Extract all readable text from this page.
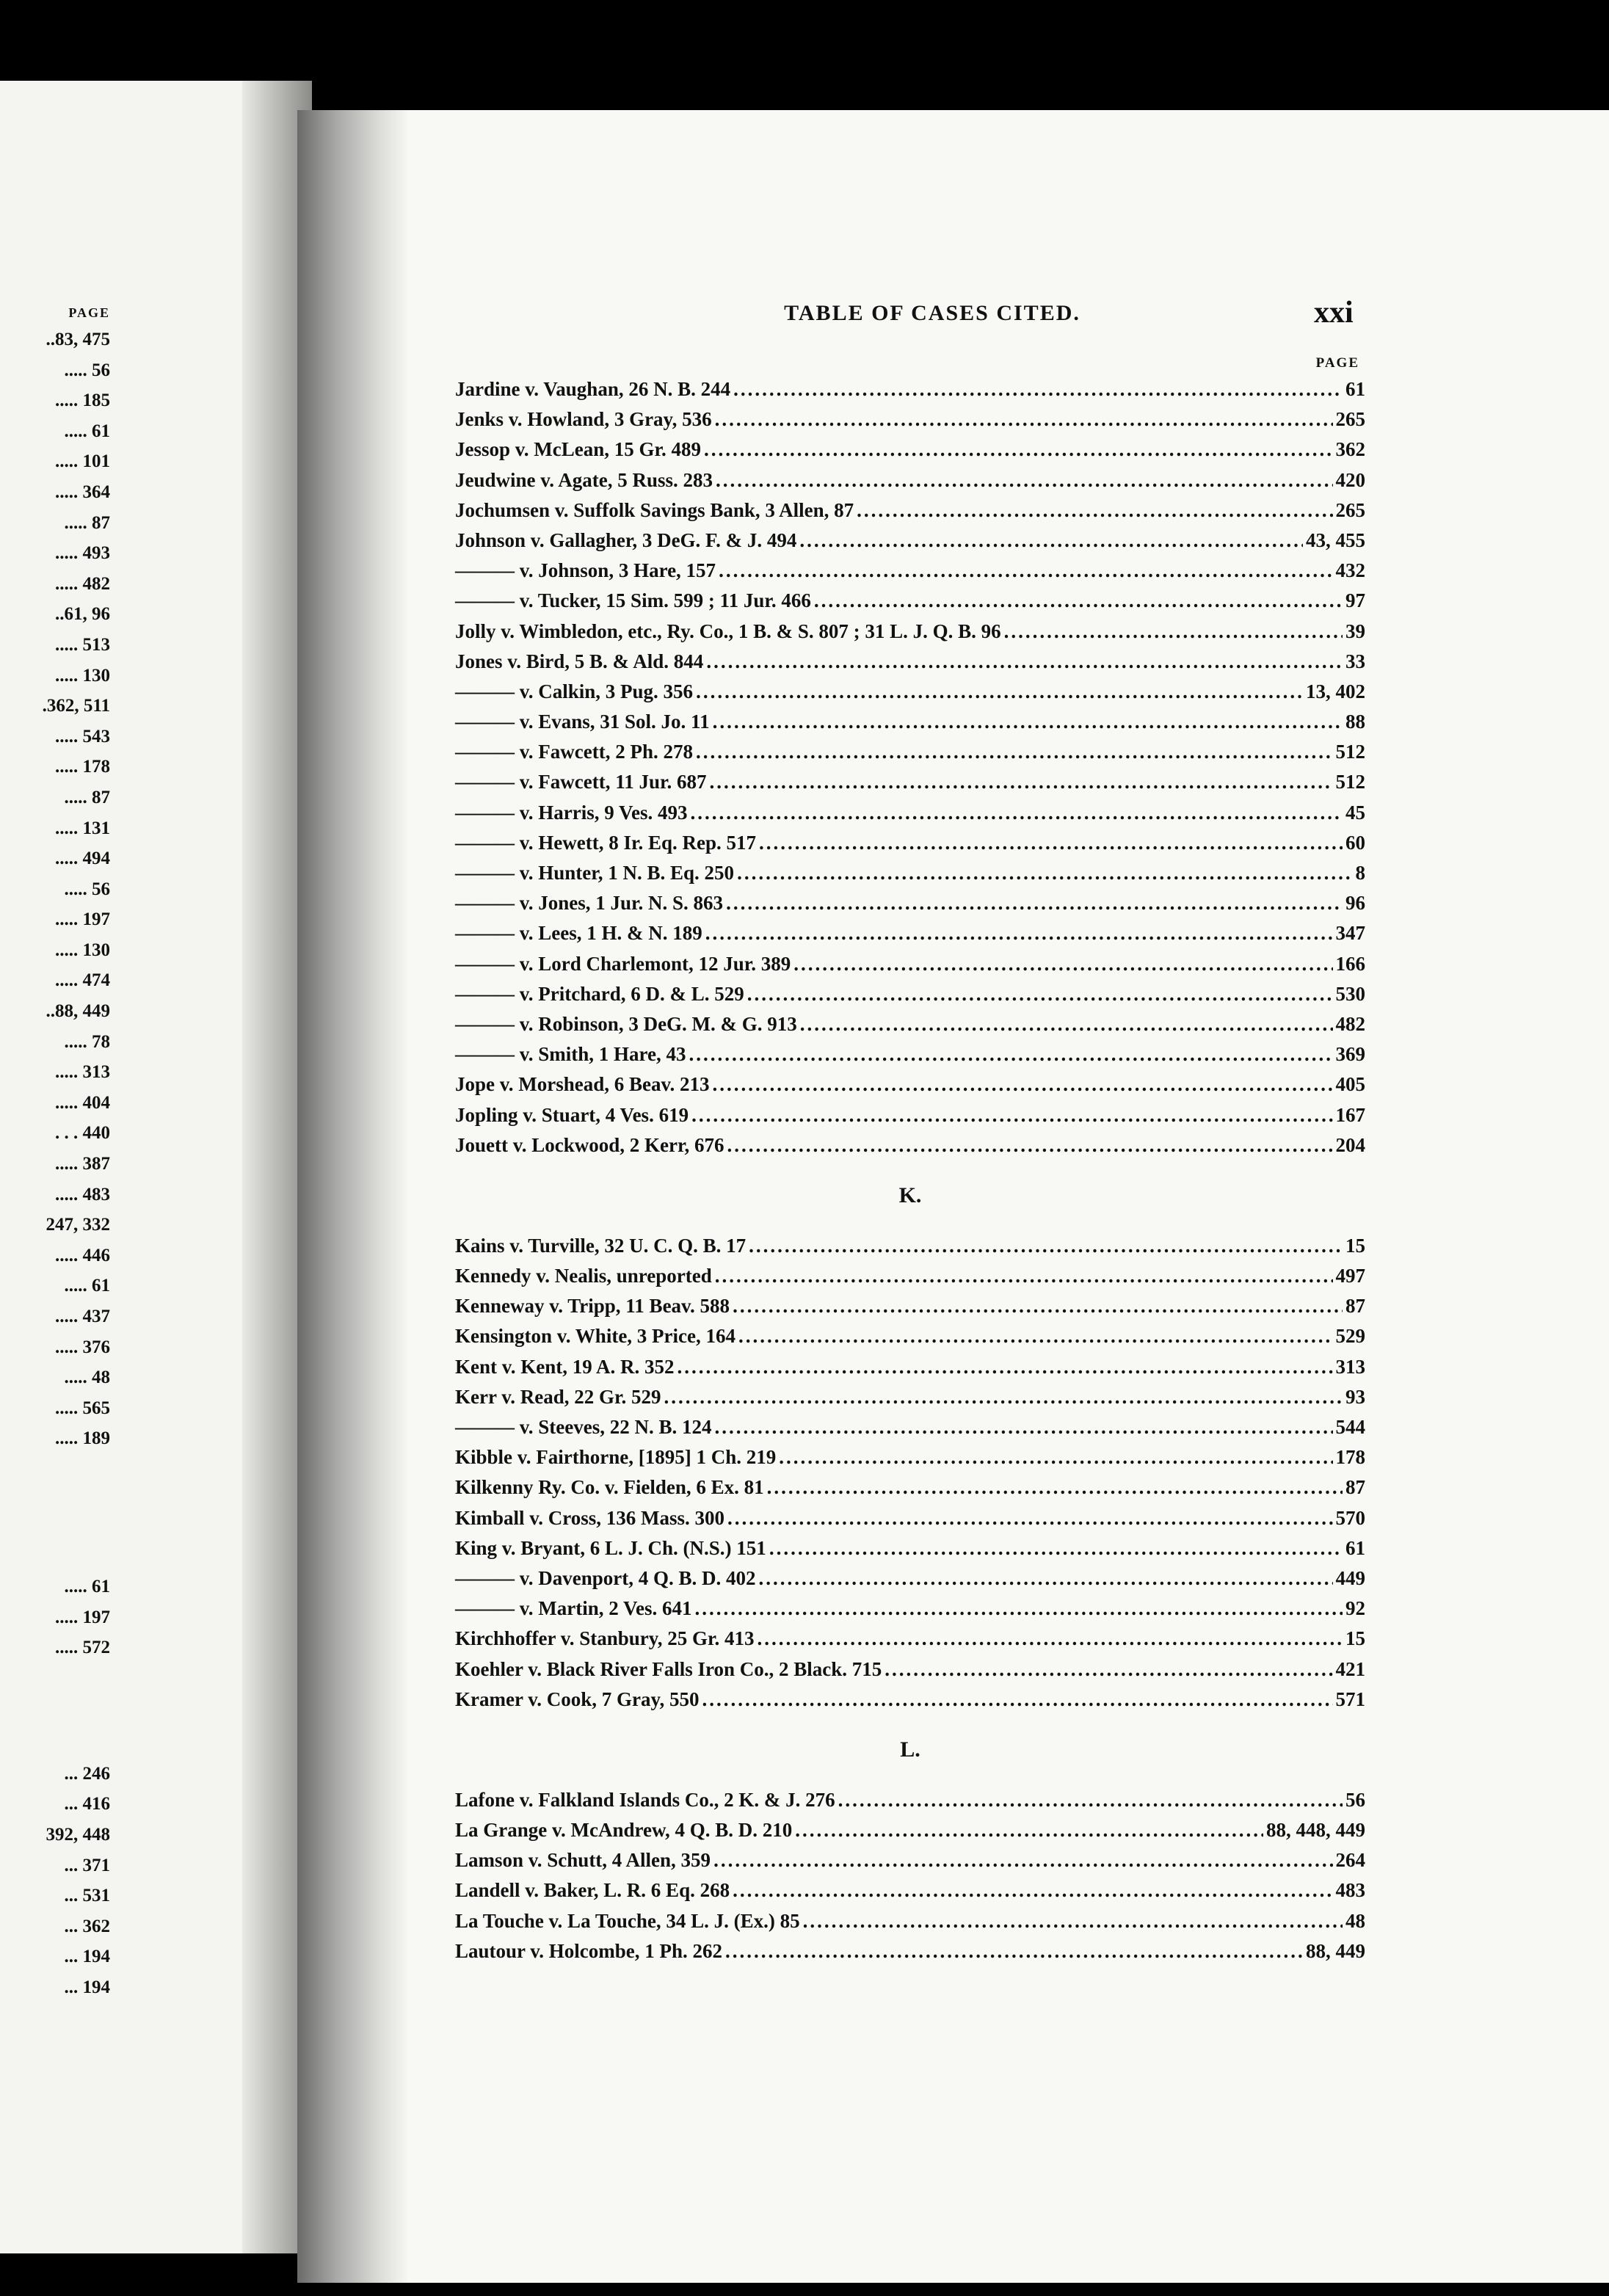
PAGE
..83, 475
..... 56
..... 185
..... 61
..... 101
..... 364
..... 87
..... 493
..... 482
..61, 96
..... 513
..... 130
.362, 511
..... 543
..... 178
..... 87
..... 131
..... 494
..... 56
..... 197
..... 130
..... 474
..88, 449
..... 78
..... 313
..... 404
. . . 440
..... 387
..... 483
247, 332
..... 446
..... 61
..... 437
..... 376
..... 48
..... 565
..... 189
..... 61
..... 197
..... 572
... 246
... 416
392, 448
... 371
... 531
... 362
... 194
... 194
TABLE OF CASES CITED.	xxi
PAGE
Jardine v. Vaughan, 26 N. B. 244 .....	61
Jenks v. Howland, 3 Gray, 536 .....	265
Jessop v. McLean, 15 Gr. 489 .....	362
Jeudwine v. Agate, 5 Russ. 283 .....	420
Jochumsen v. Suffolk Savings Bank, 3 Allen, 87 .....	265
Johnson v. Gallagher, 3 DeG. F. & J. 494 .....	43, 455
——— v. Johnson, 3 Hare, 157 .....	432
——— v. Tucker, 15 Sim. 599 ; 11 Jur. 466 .....	97
Jolly v. Wimbledon, etc., Ry. Co., 1 B. & S. 807 ; 31 L. J. Q. B. 96 .....	39
Jones v. Bird, 5 B. & Ald. 844 .....	33
——— v. Calkin, 3 Pug. 356 .....	13, 402
——— v. Evans, 31 Sol. Jo. 11 .....	88
——— v. Fawcett, 2 Ph. 278 .....	512
——— v. Fawcett, 11 Jur. 687 .....	512
——— v. Harris, 9 Ves. 493 .....	45
——— v. Hewett, 8 Ir. Eq. Rep. 517 .....	60
——— v. Hunter, 1 N. B. Eq. 250 .....	8
——— v. Jones, 1 Jur. N. S. 863 .....	96
——— v. Lees, 1 H. & N. 189 .....	347
——— v. Lord Charlemont, 12 Jur. 389 .....	166
——— v. Pritchard, 6 D. & L. 529 .....	530
——— v. Robinson, 3 DeG. M. & G. 913 .....	482
——— v. Smith, 1 Hare, 43 .....	369
Jope v. Morshead, 6 Beav. 213 .....	405
Jopling v. Stuart, 4 Ves. 619 .....	167
Jouett v. Lockwood, 2 Kerr, 676 .....	204
K.
Kains v. Turville, 32 U. C. Q. B. 17 .....	15
Kennedy v. Nealis, unreported .....	497
Kenneway v. Tripp, 11 Beav. 588 .....	87
Kensington v. White, 3 Price, 164 .....	529
Kent v. Kent, 19 A. R. 352 .....	313
Kerr v. Read, 22 Gr. 529 .....	93
——— v. Steeves, 22 N. B. 124 .....	544
Kibble v. Fairthorne, [1895] 1 Ch. 219 .....	178
Kilkenny Ry. Co. v. Fielden, 6 Ex. 81 .....	87
Kimball v. Cross, 136 Mass. 300 .....	570
King v. Bryant, 6 L. J. Ch. (N.S.) 151 .....	61
——— v. Davenport, 4 Q. B. D. 402 .....	449
——— v. Martin, 2 Ves. 641 .....	92
Kirchhoffer v. Stanbury, 25 Gr. 413 .....	15
Koehler v. Black River Falls Iron Co., 2 Black. 715 .....	421
Kramer v. Cook, 7 Gray, 550 .....	571
L.
Lafone v. Falkland Islands Co., 2 K. & J. 276 .....	56
La Grange v. McAndrew, 4 Q. B. D. 210 .....	88, 448, 449
Lamson v. Schutt, 4 Allen, 359 .....	264
Landell v. Baker, L. R. 6 Eq. 268 .....	483
La Touche v. La Touche, 34 L. J. (Ex.) 85 .....	48
Lautour v. Holcombe, 1 Ph. 262 .....	88, 449
